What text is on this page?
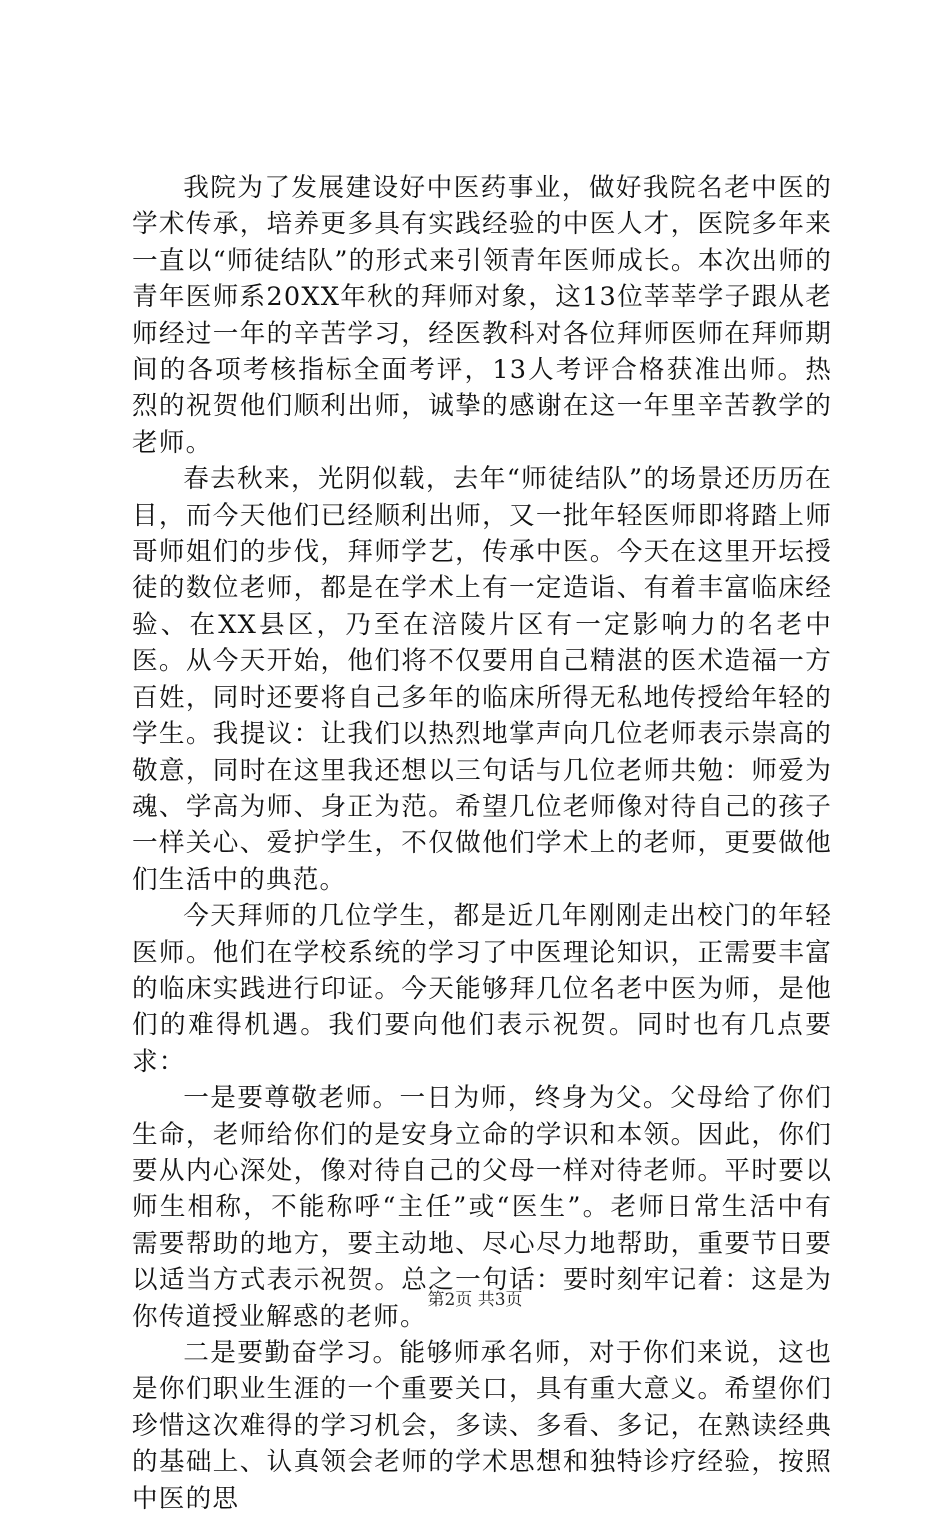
我院为了发展建设好中医药事业，做好我院名老中医的学术传承，培养更多具有实践经验的中医人才，医院多年来一直以“师徒结队”的形式来引领青年医师成长。本次出师的青年医师系20XX年秋的拜师对象，这13位莘莘学子跟从老师经过一年的辛苦学习，经医教科对各位拜师医师在拜师期间的各项考核指标全面考评，13人考评合格获准出师。热烈的祝贺他们顺利出师，诚挚的感谢在这一年里辛苦教学的老师。

春去秋来，光阴似载，去年“师徒结队”的场景还历历在目，而今天他们已经顺利出师，又一批年轻医师即将踏上师哥师姐们的步伐，拜师学艺，传承中医。今天在这里开坛授徒的数位老师，都是在学术上有一定造诣、有着丰富临床经验、在XX县区，乃至在涪陵片区有一定影响力的名老中医。从今天开始，他们将不仅要用自己精湛的医术造福一方百姓，同时还要将自己多年的临床所得无私地传授给年轻的学生。我提议：让我们以热烈地掌声向几位老师表示崇高的敬意，同时在这里我还想以三句话与几位老师共勉：师爱为魂、学高为师、身正为范。希望几位老师像对待自己的孩子一样关心、爱护学生，不仅做他们学术上的老师，更要做他们生活中的典范。

今天拜师的几位学生，都是近几年刚刚走出校门的年轻医师。他们在学校系统的学习了中医理论知识，正需要丰富的临床实践进行印证。今天能够拜几位名老中医为师，是他们的难得机遇。我们要向他们表示祝贺。同时也有几点要求：

一是要尊敬老师。一日为师，终身为父。父母给了你们生命，老师给你们的是安身立命的学识和本领。因此，你们要从内心深处，像对待自己的父母一样对待老师。平时要以师生相称，不能称呼“主任”或“医生”。老师日常生活中有需要帮助的地方，要主动地、尽心尽力地帮助，重要节日要以适当方式表示祝贺。总之一句话：要时刻牢记着：这是为你传道授业解惑的老师。

二是要勤奋学习。能够师承名师，对于你们来说，这也是你们职业生涯的一个重要关口，具有重大意义。希望你们珍惜这次难得的学习机会，多读、多看、多记，在熟读经典的基础上、认真领会老师的学术思想和独特诊疗经验，按照中医的思

第2页 共3页
